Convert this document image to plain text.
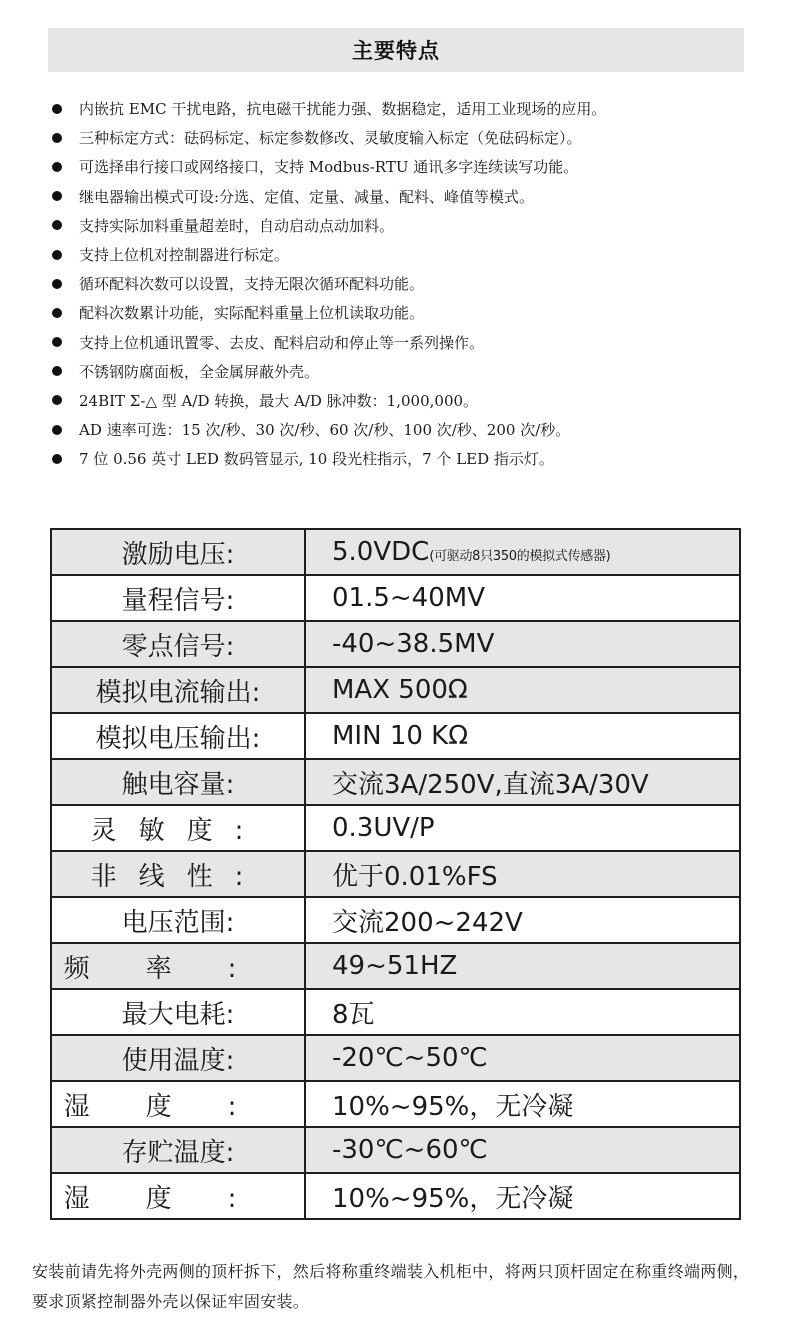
主要特点
内嵌抗 EMC 干扰电路，抗电磁干扰能力强、数据稳定，适用工业现场的应用。
三种标定方式：砝码标定、标定参数修改、灵敏度输入标定（免砝码标定）。
可选择串行接口或网络接口，支持 Modbus-RTU 通讯多字连续读写功能。
继电器输出模式可设:分选、定值、定量、减量、配料、峰值等模式。
支持实际加料重量超差时，自动启动点动加料。
支持上位机对控制器进行标定。
循环配料次数可以设置，支持无限次循环配料功能。
配料次数累计功能，实际配料重量上位机读取功能。
支持上位机通讯置零、去皮、配料启动和停止等一系列操作。
不锈钢防腐面板，全金属屏蔽外壳。
24BIT Σ-△ 型 A/D 转换，最大 A/D 脉冲数：1,000,000。
AD 速率可选：15 次/秒、30 次/秒、60 次/秒、100 次/秒、200 次/秒。
7 位 0.56 英寸 LED 数码管显示, 10 段光柱指示，7 个 LED 指示灯。
激励电压:	5.0VDC(可驱动8只350的模拟式传感器)
量程信号:	01.5~40MV
零点信号:	-40~38.5MV
模拟电流输出:	MAX 500Ω
模拟电压输出:	MIN 10 KΩ
触电容量:	交流3A/250V,直流3A/30V
灵敏度:	0.3UV/P
非线性:	优于0.01%FS
电压范围:	交流200~242V
频率:	49~51HZ
最大电耗:	8瓦
使用温度:	-20℃~50℃
湿度:	10%~95%，无冷凝
存贮温度:	-30℃~60℃
湿度:	10%~95%，无冷凝

安装前请先将外壳两侧的顶杆拆下，然后将称重终端装入机柜中，将两只顶杆固定在称重终端两侧，要求顶紧控制器外壳以保证牢固安装。
